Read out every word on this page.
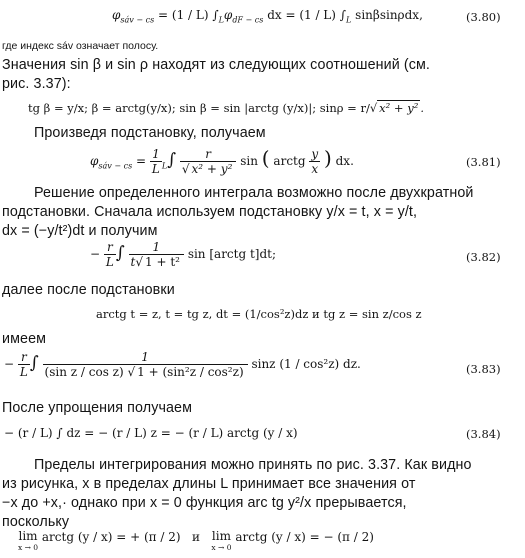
$\varphi_{sáv - cs} = (1 / L)$ $\int_L\varphi_{dF - cs}$ dx = (1 / L) $\int_L$ sinβsinρdx,	(3.80)
где индекс sáv означает полосу.
Значения sin β и sin ρ находят из следующих соотношений (см.
рис. 3.37):
tg β = y/x; β = arctg(y/x); sin β = sin |arctg (y/x)|; sinρ = r/√ x² + y² .
Произведя подстановку, получаем
$\varphi_{sáv - cs} = \frac{1}{L} _L\int \frac{r}{\text{√ x² + y²}}$ sin ( arctg $\frac{y}{x}$ ) dx.	(3.81)
Решение определенного интеграла возможно после двухкратной
подстановки. Сначала используем подстановку y/x = t, x = y/t,
dx = (−y/t²)dt и получим
− $\frac{r}{L}$ ∫ $\frac{1}{\text{t√ 1 + t²}}$ sin [arctg t]dt;	(3.82)
далее после подстановки
arctg t = z, t = tg z, dt = (1/cos²z)dz и tg z = sin z/cos z
имеем
− $\frac{r}{L}$ ∫ $\frac{1}{\text{(sin z / cos z) √ 1 + (sin²z / cos²z)}}$ sinz (1 / cos²z) dz.	(3.83)
После упрощения получаем
− (r / L) ∫ dz = − (r / L) z = − (r / L) arctg (y / x)	(3.84)
Пределы интегрирования можно принять по рис. 3.37. Как видно
из рисунка, x в пределах длины L принимает все значения от
−x до +x,· однако при x = 0 функция arc tg y²/x прерывается,
поскольку
lim
x → 0
arctg (y / x) = + (π / 2) и lim
x → 0
arctg (y / x) = − (π / 2)
